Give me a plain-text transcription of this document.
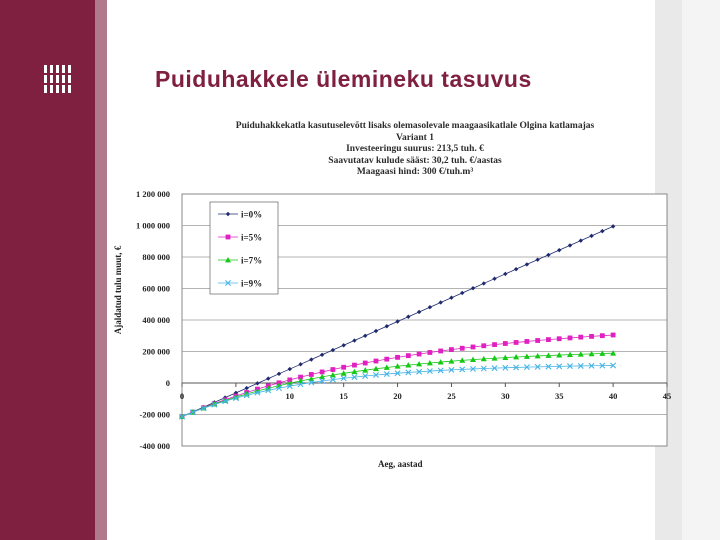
Puiduhakkele ülemineku tasuvus
Puiduhakkekatla kasutuselevõtt lisaks olemasolevale maagaasikatlale Olgina katlamajas
Variant 1
Investeeringu suurus: 213,5 tuh. €
Saavutatav kulude sääst: 30,2 tuh. €/aastas
Maagaasi hind: 300 €/tuh.m³
-400 000
-200 000
0
200 000
400 000
600 000
800 000
1 000 000
1 200 000
0	10	15	20	25	30	35	40	45
Aeg, aastad
Ajaldatud tulu muut, €
i=0%
i=5%
i=7%
i=9%
